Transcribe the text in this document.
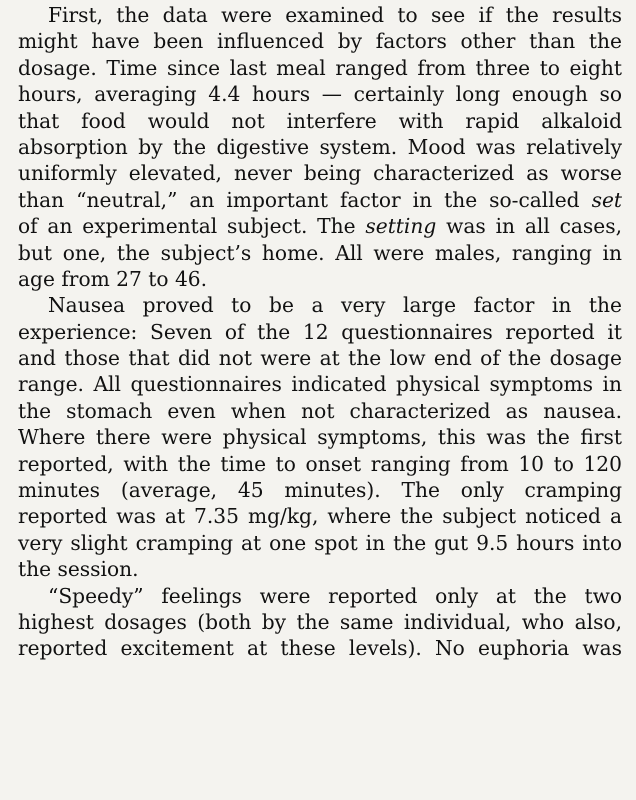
First, the data were examined to see if the results
might have been influenced by factors other than the
dosage. Time since last meal ranged from three to eight
hours, averaging 4.4 hours — certainly long enough so
that food would not interfere with rapid alkaloid
absorption by the digestive system. Mood was relatively
uniformly elevated, never being characterized as worse
than “neutral,” an important factor in the so-called set
of an experimental subject. The setting was in all cases,
but one, the subject’s home. All were males, ranging in
age from 27 to 46.
Nausea proved to be a very large factor in the
experience: Seven of the 12 questionnaires reported it
and those that did not were at the low end of the dosage
range. All questionnaires indicated physical symptoms in
the stomach even when not characterized as nausea.
Where there were physical symptoms, this was the first
reported, with the time to onset ranging from 10 to 120
minutes (average, 45 minutes). The only cramping
reported was at 7.35 mg/kg, where the subject noticed a
very slight cramping at one spot in the gut 9.5 hours into
the session.
“Speedy” feelings were reported only at the two
highest dosages (both by the same individual, who also,
reported excitement at these levels). No euphoria was
